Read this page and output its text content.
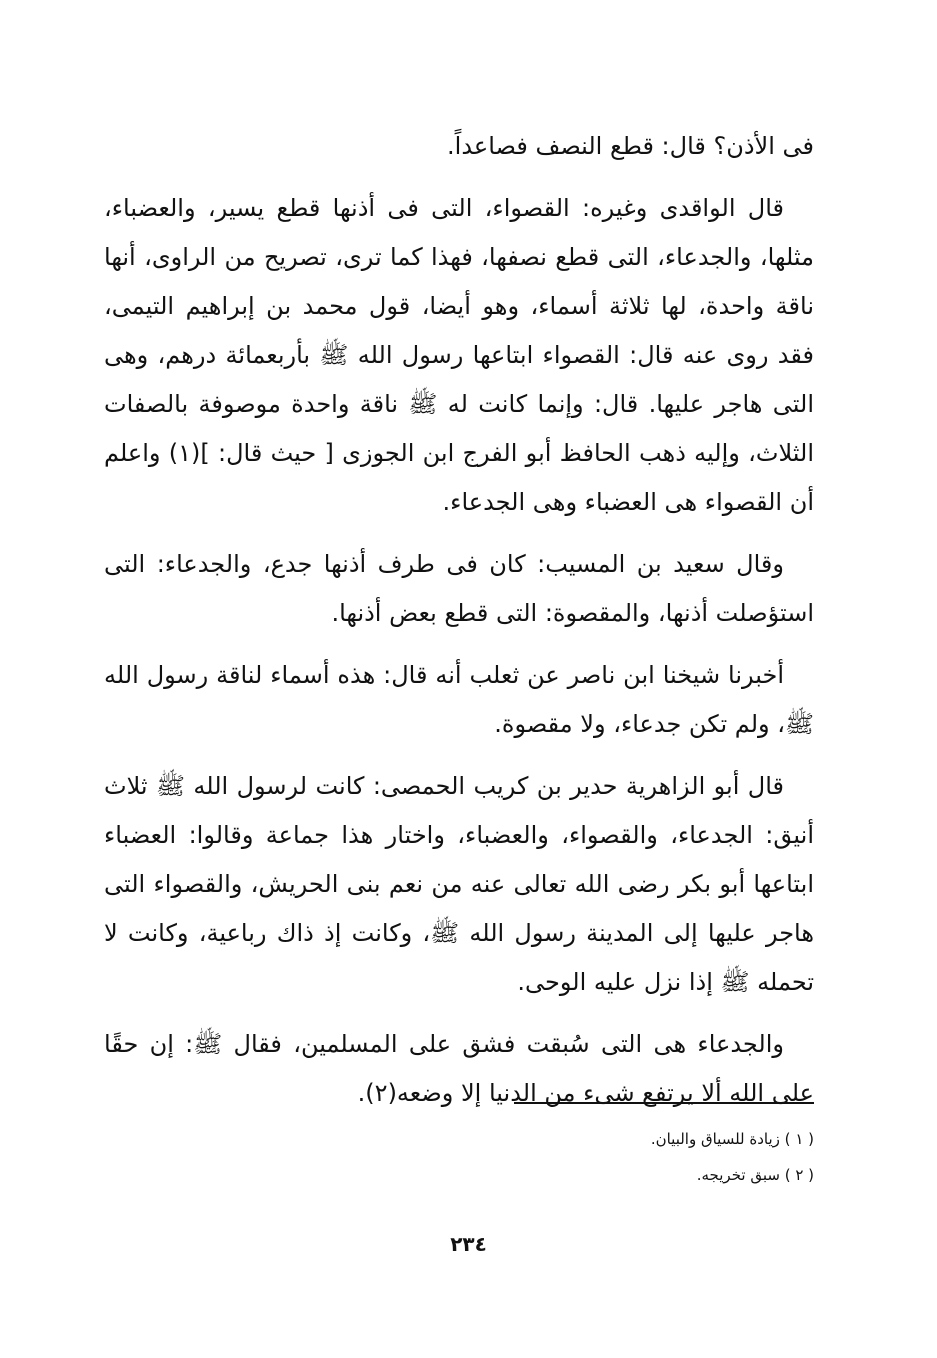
فى الأذن؟ قال: قطع النصف فصاعداً.

قال الواقدى وغيره: القصواء، التى فى أذنها قطع يسير، والعضباء، مثلها، والجدعاء، التى قطع نصفها، فهذا كما ترى، تصريح من الراوى، أنها ناقة واحدة، لها ثلاثة أسماء، وهو أيضا، قول محمد بن إبراهيم التيمى، فقد روى عنه قال: القصواء ابتاعها رسول الله ﷺ بأربعمائة درهم، وهى التى هاجر عليها. قال: وإنما كانت له ﷺ ناقة واحدة موصوفة بالصفات الثلاث، وإليه ذهب الحافظ أبو الفرج ابن الجوزى [ حيث قال: ](١) واعلم أن القصواء هى العضباء وهى الجدعاء.

وقال سعيد بن المسيب: كان فى طرف أذنها جدع، والجدعاء: التى استؤصلت أذنها، والمقصوة: التى قطع بعض أذنها.

أخبرنا شيخنا ابن ناصر عن ثعلب أنه قال: هذه أسماء لناقة رسول الله ﷺ، ولم تكن جدعاء، ولا مقصوة.

قال أبو الزاهرية حدير بن كريب الحمصى: كانت لرسول الله ﷺ ثلاث أنيق: الجدعاء، والقصواء، والعضباء، واختار هذا جماعة وقالوا: العضباء ابتاعها أبو بكر رضى الله تعالى عنه من نعم بنى الحريش، والقصواء التى هاجر عليها إلى المدينة رسول الله ﷺ، وكانت إذ ذاك رباعية، وكانت لا تحمله ﷺ إذا نزل عليه الوحى.

والجدعاء هى التى سُبقت فشق على المسلمين، فقال ﷺ: إن حقًا على الله ألا يرتفع شىء من الدنيا إلا وضعه(٢).

( ١ ) زيادة للسياق والبيان.

( ٢ ) سبق تخريجه.

٢٣٤
